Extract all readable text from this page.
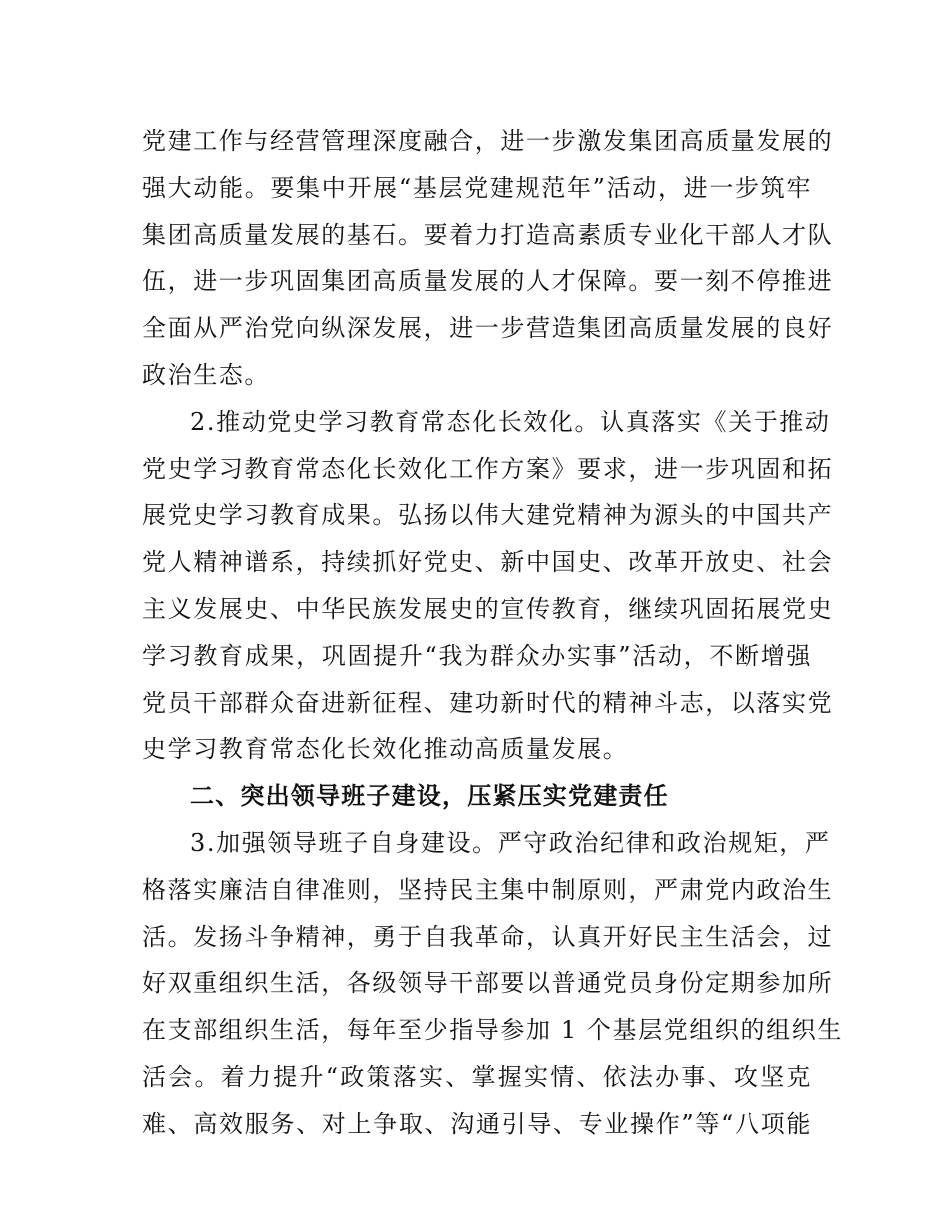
党建工作与经营管理深度融合，进一步激发集团高质量发展的
强大动能。要集中开展“基层党建规范年”活动，进一步筑牢
集团高质量发展的基石。要着力打造高素质专业化干部人才队
伍，进一步巩固集团高质量发展的人才保障。要一刻不停推进
全面从严治党向纵深发展，进一步营造集团高质量发展的良好
政治生态。
2.推动党史学习教育常态化长效化。认真落实《关于推动
党史学习教育常态化长效化工作方案》要求，进一步巩固和拓
展党史学习教育成果。弘扬以伟大建党精神为源头的中国共产
党人精神谱系，持续抓好党史、新中国史、改革开放史、社会
主义发展史、中华民族发展史的宣传教育，继续巩固拓展党史
学习教育成果，巩固提升“我为群众办实事”活动，不断增强
党员干部群众奋进新征程、建功新时代的精神斗志，以落实党
史学习教育常态化长效化推动高质量发展。
二、突出领导班子建设，压紧压实党建责任
3.加强领导班子自身建设。严守政治纪律和政治规矩，严
格落实廉洁自律准则，坚持民主集中制原则，严肃党内政治生
活。发扬斗争精神，勇于自我革命，认真开好民主生活会，过
好双重组织生活，各级领导干部要以普通党员身份定期参加所
在支部组织生活，每年至少指导参加 1 个基层党组织的组织生
活会。着力提升“政策落实、掌握实情、依法办事、攻坚克
难、高效服务、对上争取、沟通引导、专业操作”等“八项能
